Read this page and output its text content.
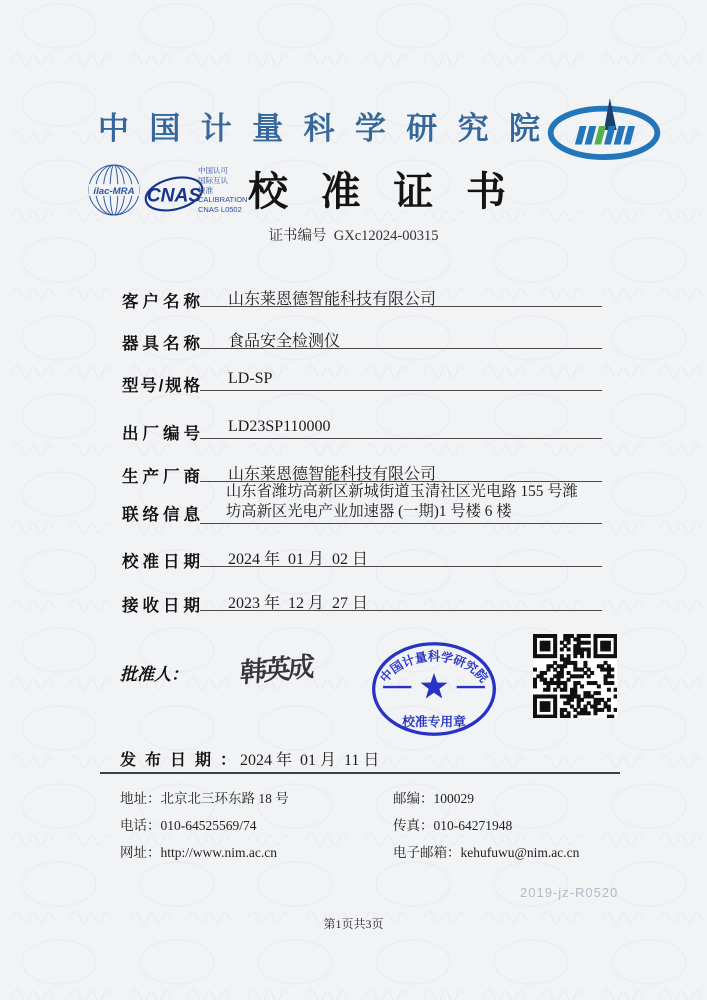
中国计量科学研究院
ilac-MRA CNAS
中国认可
国际互认
校准
CALIBRATION
CNAS L0502 校准证书
证书编号 GXc12024-00315
客户名称 山东莱恩德智能科技有限公司
器具名称 食品安全检测仪
型号/规格 LD-SP
出厂编号 LD23SP110000
生产厂商 山东莱恩德智能科技有限公司
联络信息
山东省潍坊高新区新城街道玉清社区光电路 155 号潍
坊高新区光电产业加速器 (一期)1 号楼 6 楼
校准日期 2024 年  01 月  02 日
接收日期 2023 年  12 月  27 日
批准人： 韩英成	中国计量科学研究院
校准专用章
发布日期： 2024 年  01 月  11 日
地址：北京北三环东路 18 号	邮编：100029
电话：010-64525569/74	传真：010-64271948
网址：http://www.nim.ac.cn	电子邮箱：kehufuwu@nim.ac.cn
2019-jz-R0520
第1页共3页
